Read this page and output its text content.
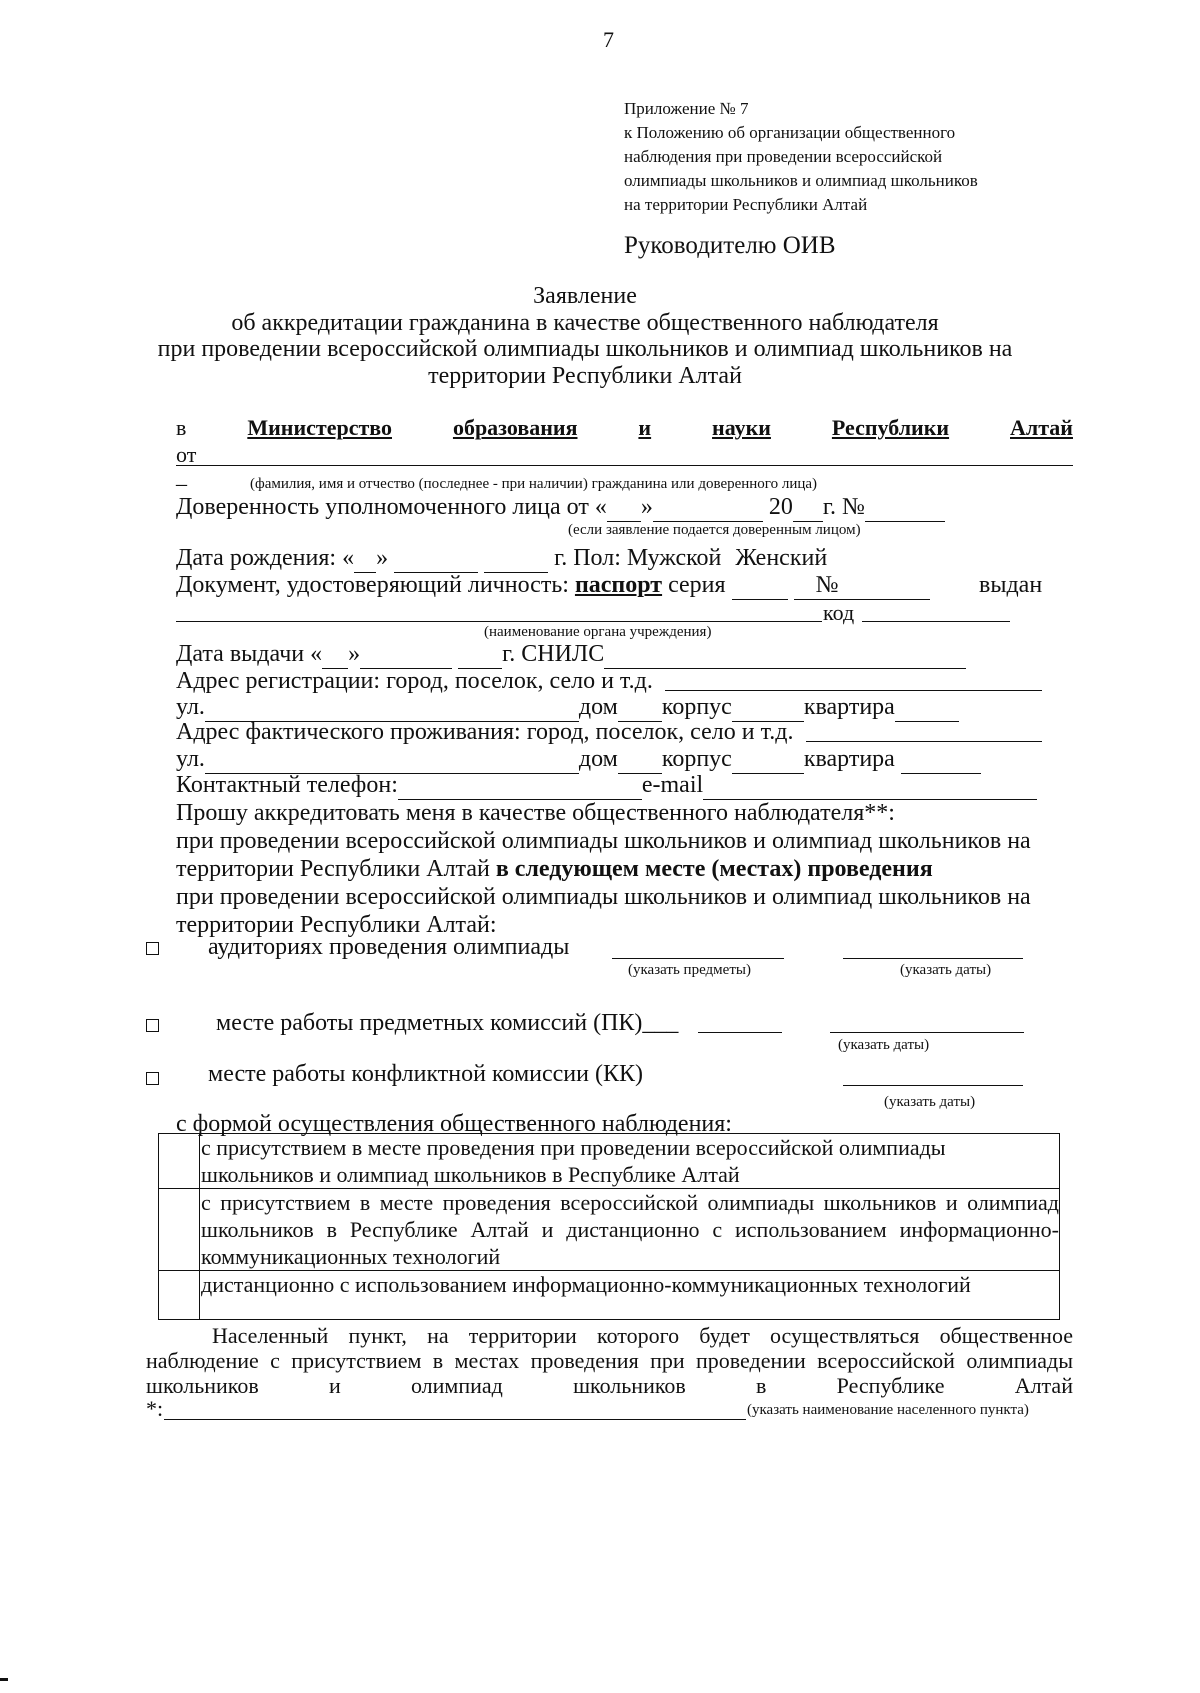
7
Приложение № 7
к Положению об организации общественного
наблюдения при проведении всероссийской
олимпиады школьников и олимпиад школьников
на территории Республики Алтай
Руководителю ОИВ
Заявление
об аккредитации гражданина в качестве общественного наблюдателя
при проведении всероссийской олимпиады школьников и олимпиад школьников на
территории Республики Алтай
в	Министерство	образования	и	науки	Республики	Алтай
от
_	(фамилия, имя и отчество (последнее - при наличии) гражданина или доверенного лица)
Доверенность уполномоченного лица от « »	20 г. №
(если заявление подается доверенным лицом)
Дата рождения: « »	г. Пол: Мужской Женский
Документ, удостоверяющий личность: паспорт серия	№	выдан
код
(наименование органа учреждения)
Дата выдачи « »	г. СНИЛС
Адрес регистрации: город, поселок, село и т.д.
ул.	дом корпус	квартира
Адрес фактического проживания: город, поселок, село и т.д.
ул.	дом корпус	квартира
Контактный телефон:	e-mail
Прошу аккредитовать меня в качестве общественного наблюдателя**:
при проведении всероссийской олимпиады школьников и олимпиад школьников на
территории Республики Алтай в следующем месте (местах) проведения
при проведении всероссийской олимпиады школьников и олимпиад школьников на
территории Республики Алтай:
аудиториях проведения олимпиады
(указать предметы)	(указать даты)
месте работы предметных комиссий (ПК)___
(указать даты)
месте работы конфликтной комиссии (КК)
(указать даты)
с формой осуществления общественного наблюдения:

	с присутствием в месте проведения при проведении всероссийской олимпиады
школьников и олимпиад школьников в Республике Алтай

	с присутствием в месте проведения всероссийской олимпиады школьников и олимпиад
школьников в Республике Алтай и дистанционно с использованием информационно-
коммуникационных технологий

	дистанционно с использованием информационно-коммуникационных технологий
Населенный пункт, на территории которого будет осуществляться общественное
наблюдение с присутствием в местах проведения при проведении всероссийской олимпиады
школьников	и	олимпиад	школьников	в	Республике	Алтай
*:	(указать наименование населенного пункта)
